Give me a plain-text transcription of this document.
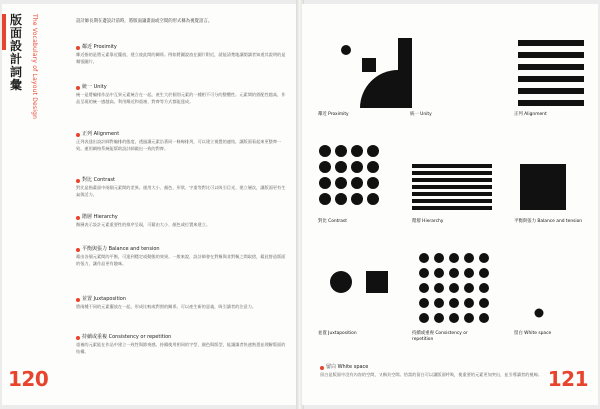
版面設計詞彙	The Vocabulary of Layout Design	設計師長期在邊設計前時，將版面讓畫面或空間的形式稱為視覺語言。
鄰近 Proximity
鄰近指的是將元素靠近擺放，建立彼此間的關係。例如將圖說放在圖片附近，就能清楚地讓閱讀者知道其說明的是哪張圖片。
統一 Unity
統一是將編排作品中互異元素統合在一起，產生大於個別元素的一種相不可分的整體性。元素間的搭配性越高，作品呈現的統一感越高。利用鄰近和重複、對齊等方式都能達成。
正列 Alignment
正列表達出設計師對編排的態度，透過讓元素沿著同一條線排列，可以建立視覺的連結，讓版面看起來更整齊一致。運用網格系統能幫助設計師做出一致的對齊。
對比 Contrast
對比是指畫面中兩個元素間的差異。運用大小、顏色、形狀、字重等對比可以吸引目光、建立層次，讓版面更有生氣與活力。
階層 Hierarchy
階層表示設計元素重要性的排序呈現，可藉由大小、顏色或位置來建立。
平衡與張力 Balance and tension
藉由各個元素間的平衡，可達到穩定或動態的效果。一般來說，設計師會在對稱與非對稱之間取捨，藉此營造版面的張力，讓作品更有趣味。
並置 Juxtaposition
將兩種不同的元素擺放在一起，形成比較或對照的關係，可以產生新的意義，吸引讀者的注意力。
持續或重複 Consistency or repetition
重複的元素能在作品中建立一致性與節奏感。持續使用相同的字型、顏色與版型，能讓讀者快速熟悉並理解版面的結構。
120
鄰近 Proximity	統一 Unity	正列 Alignment
對比 Contrast	階層 Hierarchy	平衡與張力 Balance and tension
並置 Juxtaposition	持續或重複 Consistency or repetition
留白 White space
留白 White space
留白是版面中沒有內容的空間，又稱負空間。恰當的留白可以讓版面呼吸，使重要的元素更加突出，並引導讀者的視線。 121
